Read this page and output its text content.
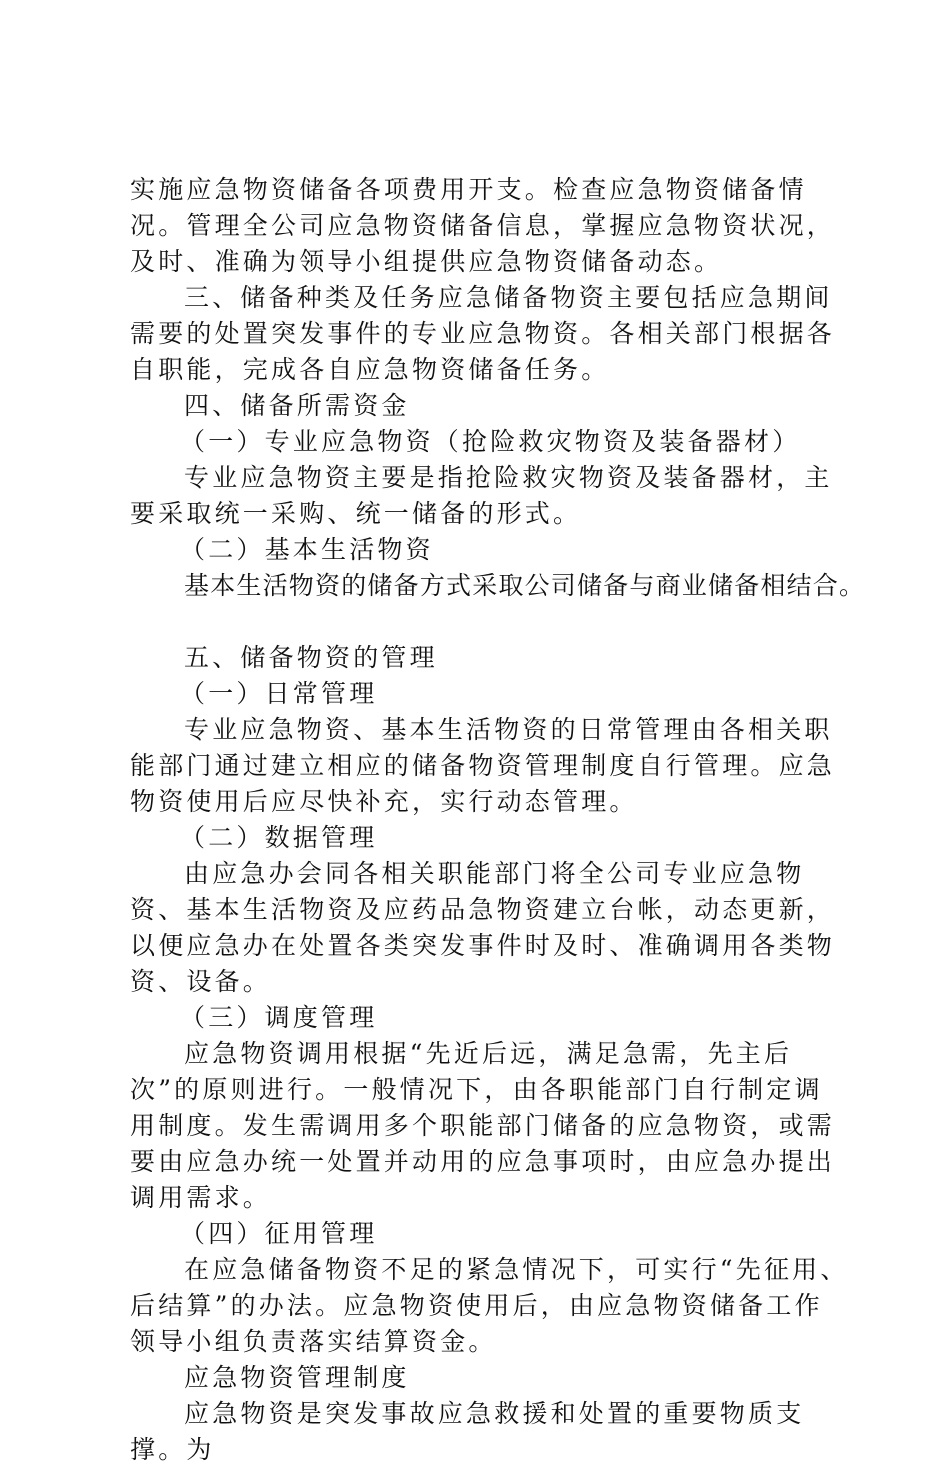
实施应急物资储备各项费用开支。检查应急物资储备情况。管理全公司应急物资储备信息，掌握应急物资状况，及时、准确为领导小组提供应急物资储备动态。

三、储备种类及任务应急储备物资主要包括应急期间需要的处置突发事件的专业应急物资。各相关部门根据各自职能，完成各自应急物资储备任务。

四、储备所需资金

（一）专业应急物资（抢险救灾物资及装备器材）

专业应急物资主要是指抢险救灾物资及装备器材，主要采取统一采购、统一储备的形式。

（二）基本生活物资

基本生活物资的储备方式采取公司储备与商业储备相结合。

五、储备物资的管理

（一）日常管理

专业应急物资、基本生活物资的日常管理由各相关职能部门通过建立相应的储备物资管理制度自行管理。应急物资使用后应尽快补充，实行动态管理。

（二）数据管理

由应急办会同各相关职能部门将全公司专业应急物资、基本生活物资及应药品急物资建立台帐，动态更新，以便应急办在处置各类突发事件时及时、准确调用各类物资、设备。

（三）调度管理

应急物资调用根据“先近后远，满足急需，先主后次”的原则进行。一般情况下，由各职能部门自行制定调用制度。发生需调用多个职能部门储备的应急物资，或需要由应急办统一处置并动用的应急事项时，由应急办提出调用需求。

（四）征用管理

在应急储备物资不足的紧急情况下，可实行“先征用、后结算”的办法。应急物资使用后，由应急物资储备工作领导小组负责落实结算资金。

应急物资管理制度

应急物资是突发事故应急救援和处置的重要物质支撑。为
